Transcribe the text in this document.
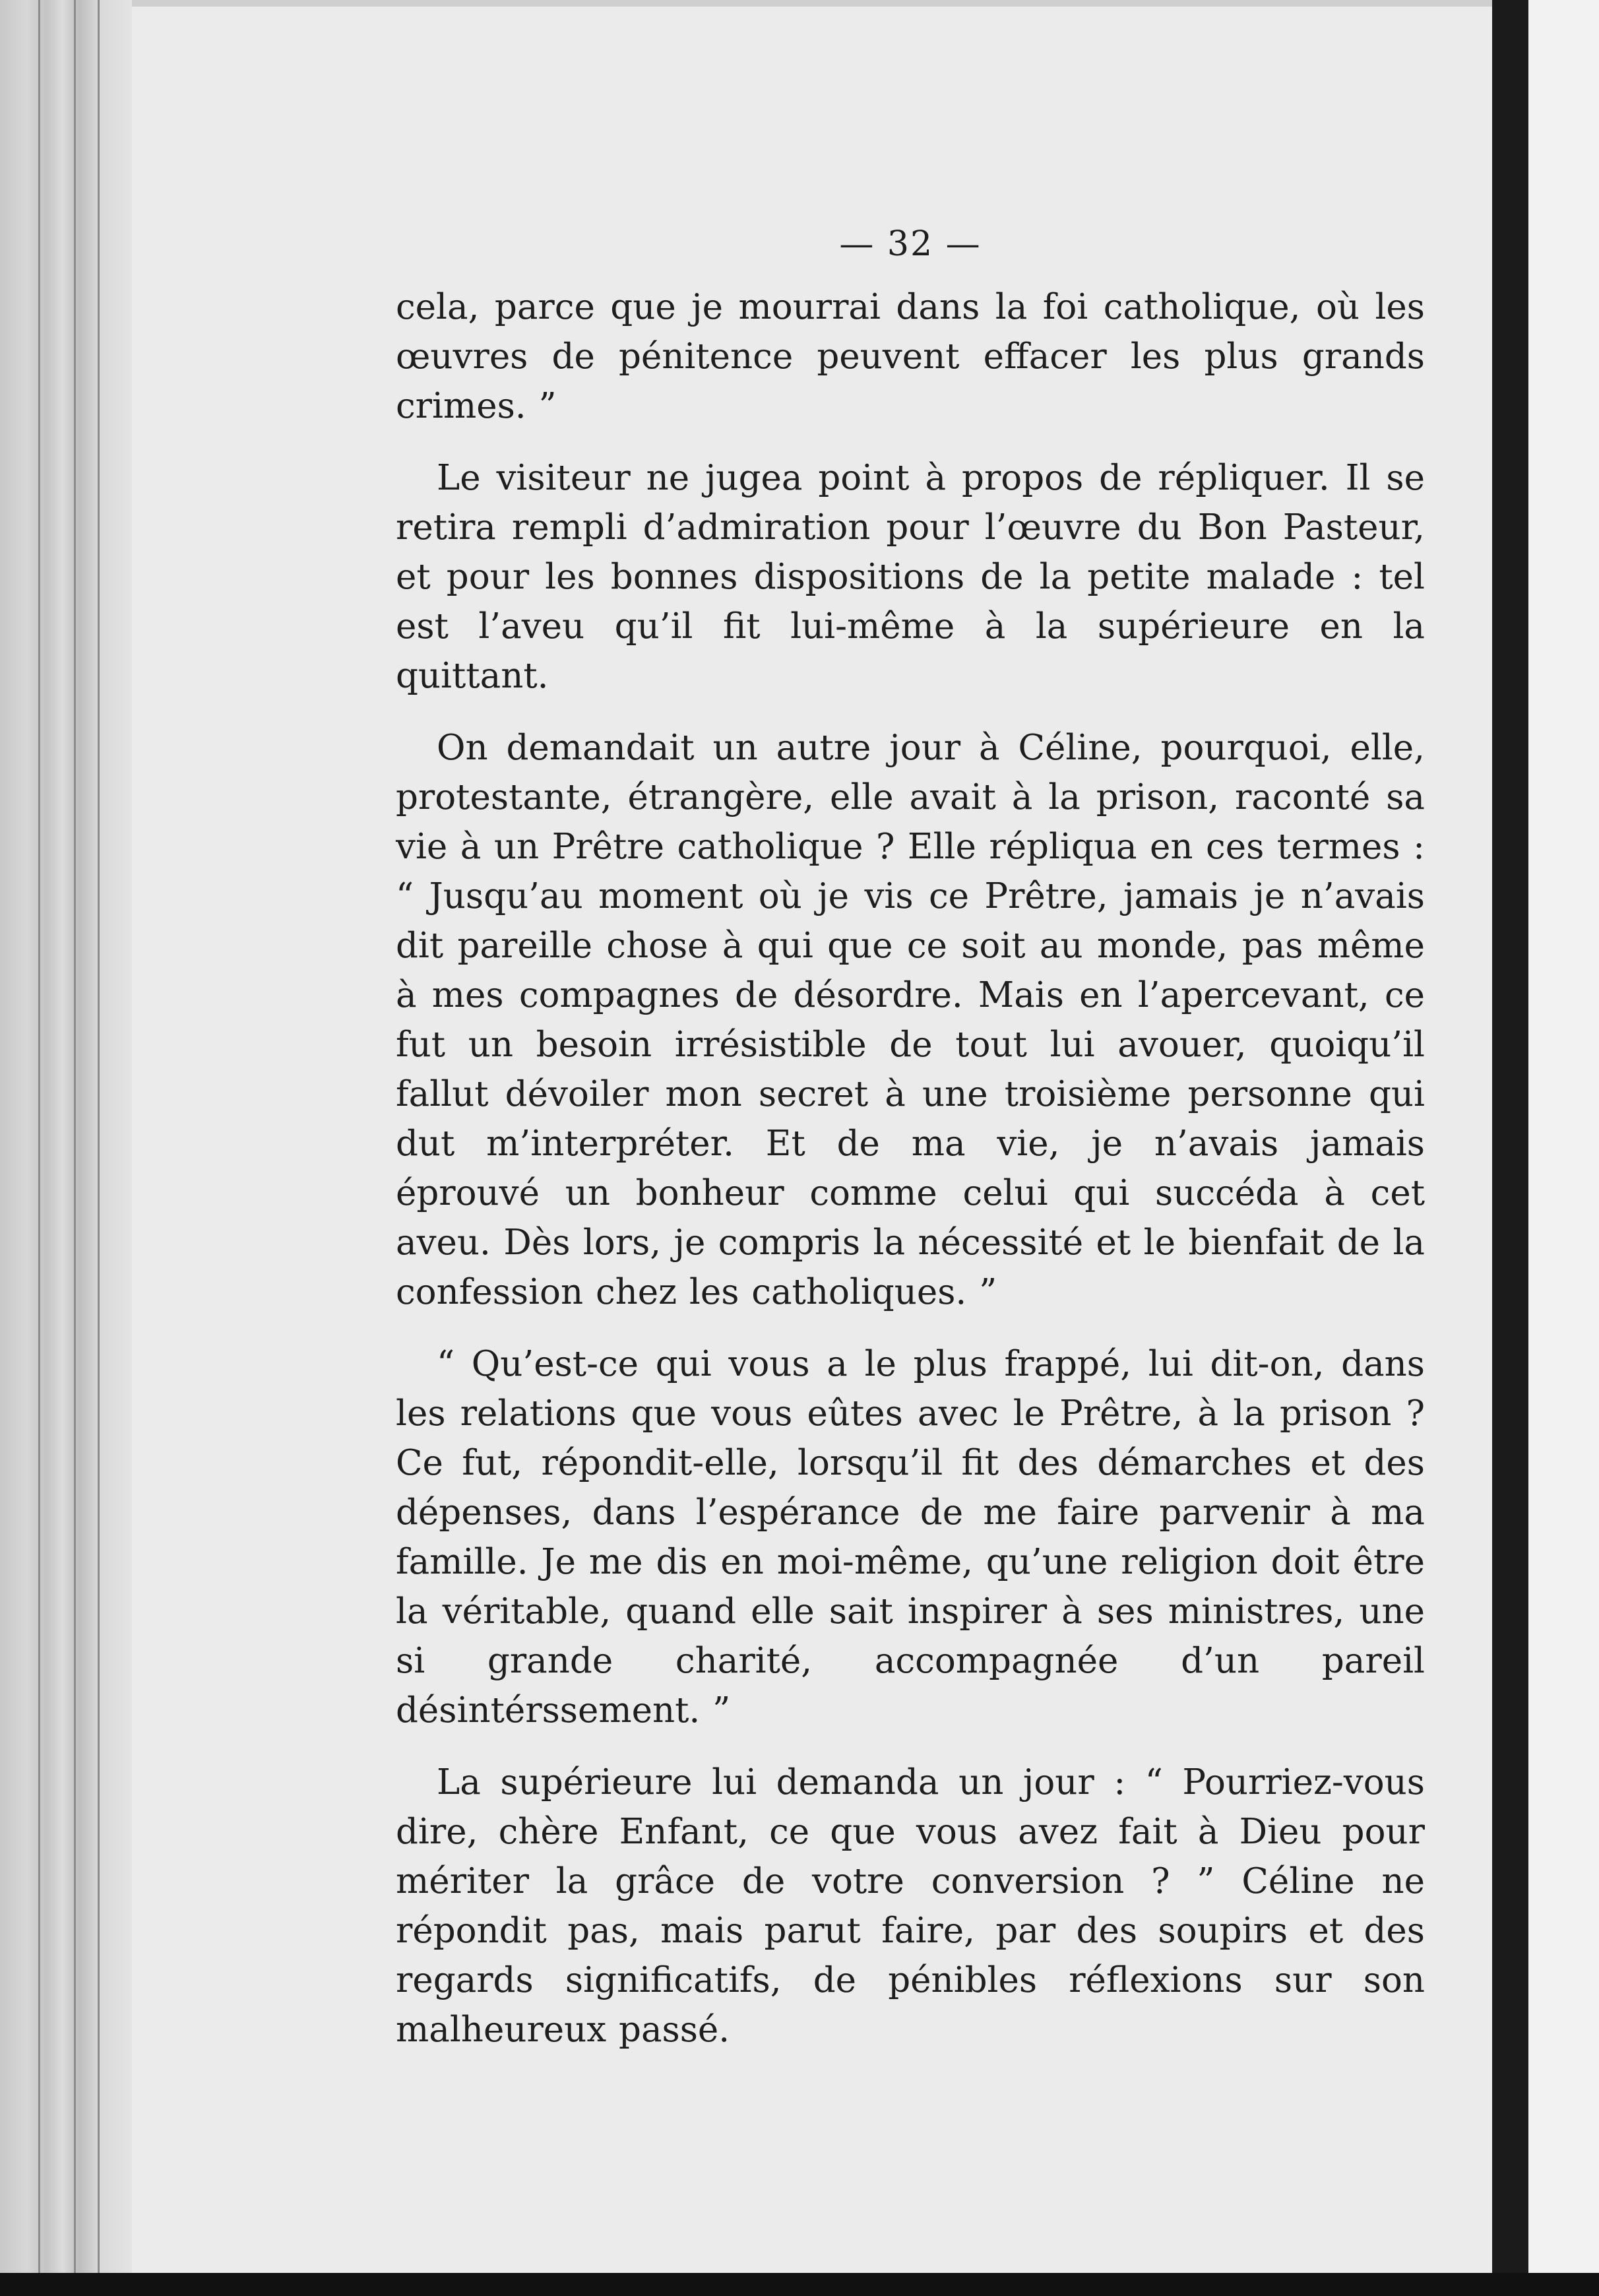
— 32 —

cela, parce que je mourrai dans la foi catholique, où les œuvres de pénitence peuvent effacer les plus grands crimes. ”

Le visiteur ne jugea point à propos de répliquer. Il se retira rempli d’admiration pour l’œuvre du Bon Pasteur, et pour les bonnes dispositions de la petite malade : tel est l’aveu qu’il fit lui-même à la supérieure en la quittant.

On demandait un autre jour à Céline, pourquoi, elle, protestante, étrangère, elle avait à la prison, raconté sa vie à un Prêtre catholique ? Elle répliqua en ces termes : “ Jusqu’au moment où je vis ce Prêtre, jamais je n’avais dit pareille chose à qui que ce soit au monde, pas même à mes compagnes de désordre. Mais en l’apercevant, ce fut un besoin irrésistible de tout lui avouer, quoiqu’il fallut dévoiler mon secret à une troisième personne qui dut m’interpréter. Et de ma vie, je n’avais jamais éprouvé un bonheur comme celui qui succéda à cet aveu. Dès lors, je compris la nécessité et le bienfait de la confession chez les catholiques. ”

“ Qu’est-ce qui vous a le plus frappé, lui dit-on, dans les relations que vous eûtes avec le Prêtre, à la prison ? Ce fut, répondit-elle, lorsqu’il fit des démarches et des dépenses, dans l’espérance de me faire parvenir à ma famille. Je me dis en moi-même, qu’une religion doit être la véritable, quand elle sait inspirer à ses ministres, une si grande charité, accompagnée d’un pareil désintérssement. ”

La supérieure lui demanda un jour : “ Pourriez-vous dire, chère Enfant, ce que vous avez fait à Dieu pour mériter la grâce de votre conversion ? ” Céline ne répondit pas, mais parut faire, par des soupirs et des regards significatifs, de pénibles réflexions sur son malheureux passé.
